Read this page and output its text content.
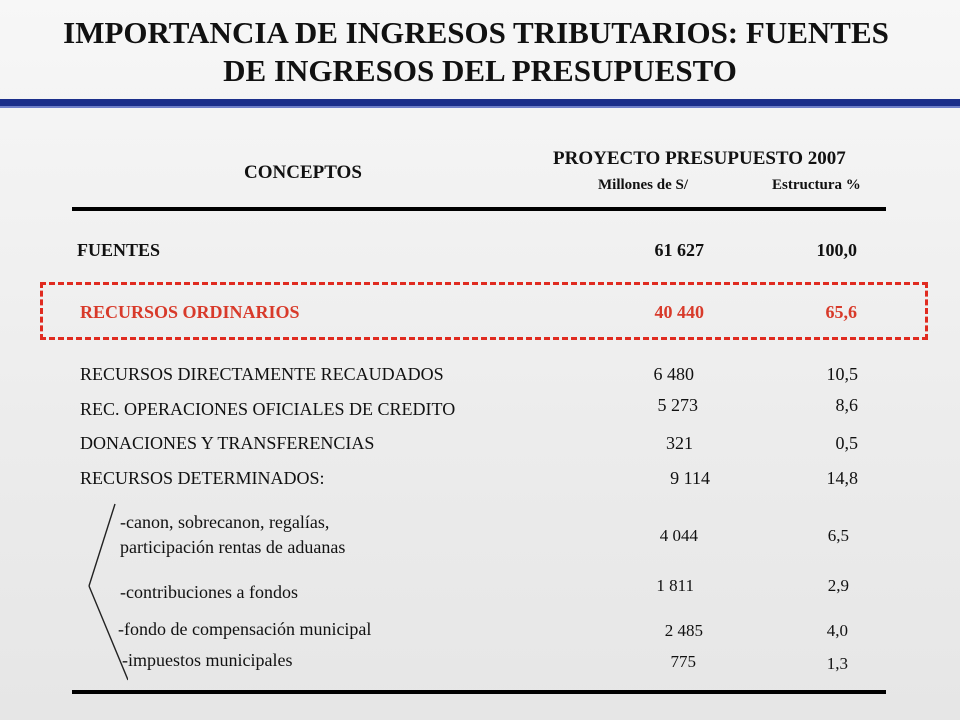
IMPORTANCIA DE INGRESOS TRIBUTARIOS: FUENTES
DE INGRESOS DEL PRESUPUESTO
CONCEPTOS
PROYECTO PRESUPUESTO 2007
Millones de S/	Estructura %
FUENTES	61 627	100,0
RECURSOS ORDINARIOS	40 440	65,6
RECURSOS DIRECTAMENTE RECAUDADOS	6 480	10,5
REC. OPERACIONES OFICIALES DE CREDITO	5 273	8,6
DONACIONES Y TRANSFERENCIAS	321	0,5
RECURSOS DETERMINADOS:	9 114	14,8
-canon, sobrecanon, regalías,
participación rentas de aduanas
4 044	6,5
-contribuciones a fondos	1 811	2,9
-fondo de compensación municipal	2 485	4,0
-impuestos municipales	775	1,3
